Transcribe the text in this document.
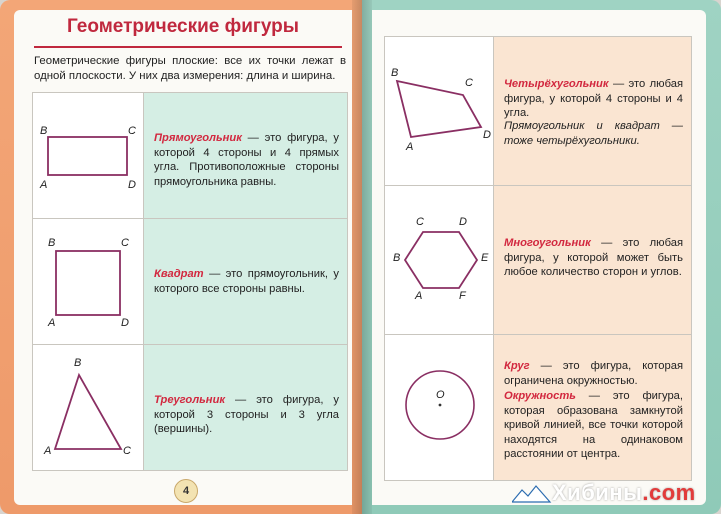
Геометрические фигуры
Геометрические фигуры плоские: все их точки лежат в одной плоскости. У них два измерения: длина и ширина.
B	C
A	D
Прямоугольник — это фигура, у которой 4 стороны и 4 прямых угла. Противоположные стороны прямоугольника равны.
B	C
A	D
Квадрат — это прямоугольник, у которого все стороны равны.
B
A	C
Треугольник — это фигура, у которой 3 стороны и 3 угла (вершины).
4
B
C
A
D
Четырёхугольник — это любая фигура, у которой 4 стороны и 4 угла.
Прямоугольник и квадрат — тоже четырёхугольники.
C	D
B	E
A	F
Многоугольник — это любая фигура, у которой может быть любое количество сторон и углов.
O
Круг — это фигура, которая ограничена окружностью.
Окружность — это фигура, которая образована замкнутой кривой линией, все точки которой находятся на одинаковом расстоянии от центра.
Хибины.com
